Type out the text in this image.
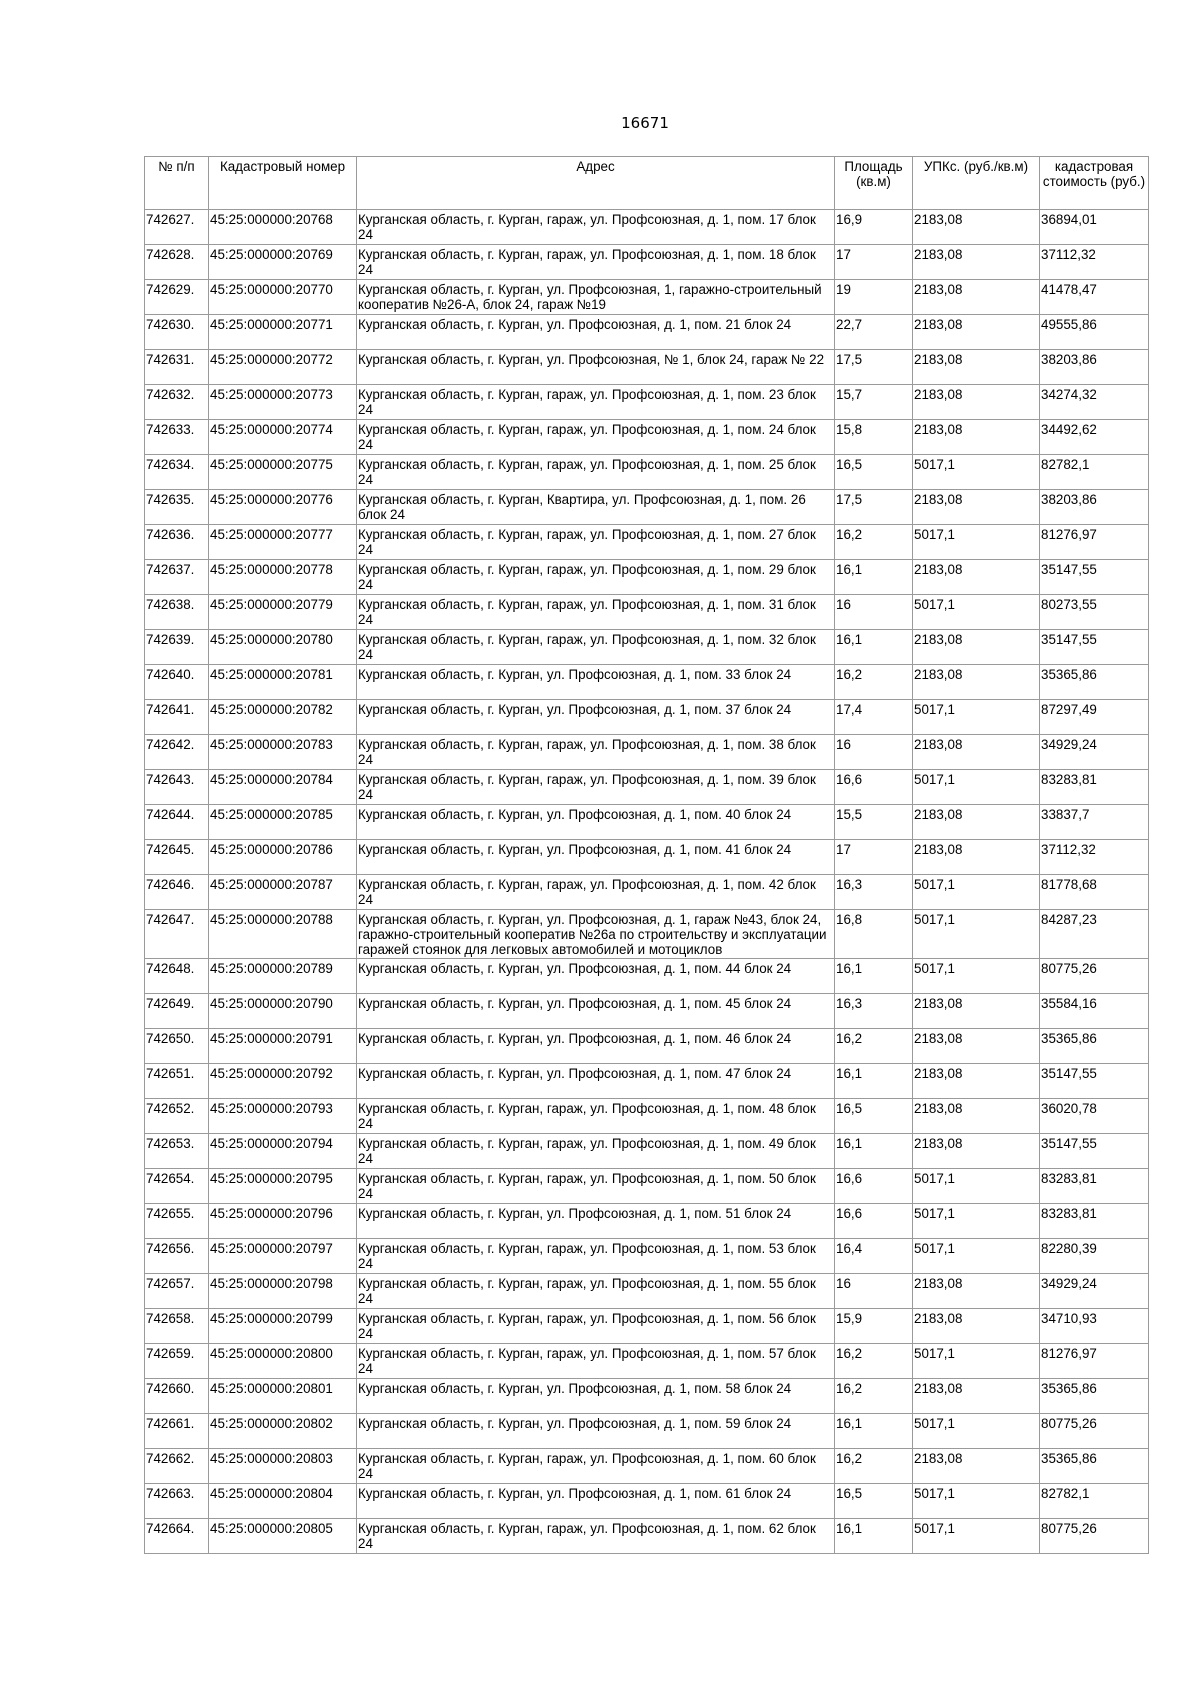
16671
№ п/п	Кадастровый номер	Адрес	Площадь (кв.м)	УПКс. (руб./кв.м)	кадастровая стоимость (руб.)
742627.	45:25:000000:20768	Курганская область, г. Курган, гараж, ул. Профсоюзная, д. 1, пом. 17 блок 24	16,9	2183,08	36894,01
742628.	45:25:000000:20769	Курганская область, г. Курган, гараж, ул. Профсоюзная, д. 1, пом. 18 блок 24	17	2183,08	37112,32
742629.	45:25:000000:20770	Курганская область, г. Курган, ул. Профсоюзная, 1, гаражно-строительный кооператив №26-А, блок 24, гараж №19	19	2183,08	41478,47
742630.	45:25:000000:20771	Курганская область, г. Курган, ул. Профсоюзная, д. 1, пом. 21 блок 24	22,7	2183,08	49555,86
742631.	45:25:000000:20772	Курганская область, г. Курган, ул. Профсоюзная, № 1, блок 24, гараж № 22	17,5	2183,08	38203,86
742632.	45:25:000000:20773	Курганская область, г. Курган, гараж, ул. Профсоюзная, д. 1, пом. 23 блок 24	15,7	2183,08	34274,32
742633.	45:25:000000:20774	Курганская область, г. Курган, гараж, ул. Профсоюзная, д. 1, пом. 24 блок 24	15,8	2183,08	34492,62
742634.	45:25:000000:20775	Курганская область, г. Курган, гараж, ул. Профсоюзная, д. 1, пом. 25 блок 24	16,5	5017,1	82782,1
742635.	45:25:000000:20776	Курганская область, г. Курган, Квартира, ул. Профсоюзная, д. 1, пом. 26 блок 24	17,5	2183,08	38203,86
742636.	45:25:000000:20777	Курганская область, г. Курган, гараж, ул. Профсоюзная, д. 1, пом. 27 блок 24	16,2	5017,1	81276,97
742637.	45:25:000000:20778	Курганская область, г. Курган, гараж, ул. Профсоюзная, д. 1, пом. 29 блок 24	16,1	2183,08	35147,55
742638.	45:25:000000:20779	Курганская область, г. Курган, гараж, ул. Профсоюзная, д. 1, пом. 31 блок 24	16	5017,1	80273,55
742639.	45:25:000000:20780	Курганская область, г. Курган, гараж, ул. Профсоюзная, д. 1, пом. 32 блок 24	16,1	2183,08	35147,55
742640.	45:25:000000:20781	Курганская область, г. Курган, ул. Профсоюзная, д. 1, пом. 33 блок 24	16,2	2183,08	35365,86
742641.	45:25:000000:20782	Курганская область, г. Курган, ул. Профсоюзная, д. 1, пом. 37 блок 24	17,4	5017,1	87297,49
742642.	45:25:000000:20783	Курганская область, г. Курган, гараж, ул. Профсоюзная, д. 1, пом. 38 блок 24	16	2183,08	34929,24
742643.	45:25:000000:20784	Курганская область, г. Курган, гараж, ул. Профсоюзная, д. 1, пом. 39 блок 24	16,6	5017,1	83283,81
742644.	45:25:000000:20785	Курганская область, г. Курган, ул. Профсоюзная, д. 1, пом. 40 блок 24	15,5	2183,08	33837,7
742645.	45:25:000000:20786	Курганская область, г. Курган, ул. Профсоюзная, д. 1, пом. 41 блок 24	17	2183,08	37112,32
742646.	45:25:000000:20787	Курганская область, г. Курган, гараж, ул. Профсоюзная, д. 1, пом. 42 блок 24	16,3	5017,1	81778,68
742647.	45:25:000000:20788	Курганская область, г. Курган, ул. Профсоюзная, д. 1, гараж №43, блок 24, гаражно-строительный кооператив №26а по строительству и эксплуатации гаражей стоянок для легковых автомобилей и мотоциклов	16,8	5017,1	84287,23
742648.	45:25:000000:20789	Курганская область, г. Курган, ул. Профсоюзная, д. 1, пом. 44 блок 24	16,1	5017,1	80775,26
742649.	45:25:000000:20790	Курганская область, г. Курган, ул. Профсоюзная, д. 1, пом. 45 блок 24	16,3	2183,08	35584,16
742650.	45:25:000000:20791	Курганская область, г. Курган, ул. Профсоюзная, д. 1, пом. 46 блок 24	16,2	2183,08	35365,86
742651.	45:25:000000:20792	Курганская область, г. Курган, ул. Профсоюзная, д. 1, пом. 47 блок 24	16,1	2183,08	35147,55
742652.	45:25:000000:20793	Курганская область, г. Курган, гараж, ул. Профсоюзная, д. 1, пом. 48 блок 24	16,5	2183,08	36020,78
742653.	45:25:000000:20794	Курганская область, г. Курган, гараж, ул. Профсоюзная, д. 1, пом. 49 блок 24	16,1	2183,08	35147,55
742654.	45:25:000000:20795	Курганская область, г. Курган, гараж, ул. Профсоюзная, д. 1, пом. 50 блок 24	16,6	5017,1	83283,81
742655.	45:25:000000:20796	Курганская область, г. Курган, ул. Профсоюзная, д. 1, пом. 51 блок 24	16,6	5017,1	83283,81
742656.	45:25:000000:20797	Курганская область, г. Курган, гараж, ул. Профсоюзная, д. 1, пом. 53 блок 24	16,4	5017,1	82280,39
742657.	45:25:000000:20798	Курганская область, г. Курган, гараж, ул. Профсоюзная, д. 1, пом. 55 блок 24	16	2183,08	34929,24
742658.	45:25:000000:20799	Курганская область, г. Курган, гараж, ул. Профсоюзная, д. 1, пом. 56 блок 24	15,9	2183,08	34710,93
742659.	45:25:000000:20800	Курганская область, г. Курган, гараж, ул. Профсоюзная, д. 1, пом. 57 блок 24	16,2	5017,1	81276,97
742660.	45:25:000000:20801	Курганская область, г. Курган, ул. Профсоюзная, д. 1, пом. 58 блок 24	16,2	2183,08	35365,86
742661.	45:25:000000:20802	Курганская область, г. Курган, ул. Профсоюзная, д. 1, пом. 59 блок 24	16,1	5017,1	80775,26
742662.	45:25:000000:20803	Курганская область, г. Курган, гараж, ул. Профсоюзная, д. 1, пом. 60 блок 24	16,2	2183,08	35365,86
742663.	45:25:000000:20804	Курганская область, г. Курган, ул. Профсоюзная, д. 1, пом. 61 блок 24	16,5	5017,1	82782,1
742664.	45:25:000000:20805	Курганская область, г. Курган, гараж, ул. Профсоюзная, д. 1, пом. 62 блок 24	16,1	5017,1	80775,26
